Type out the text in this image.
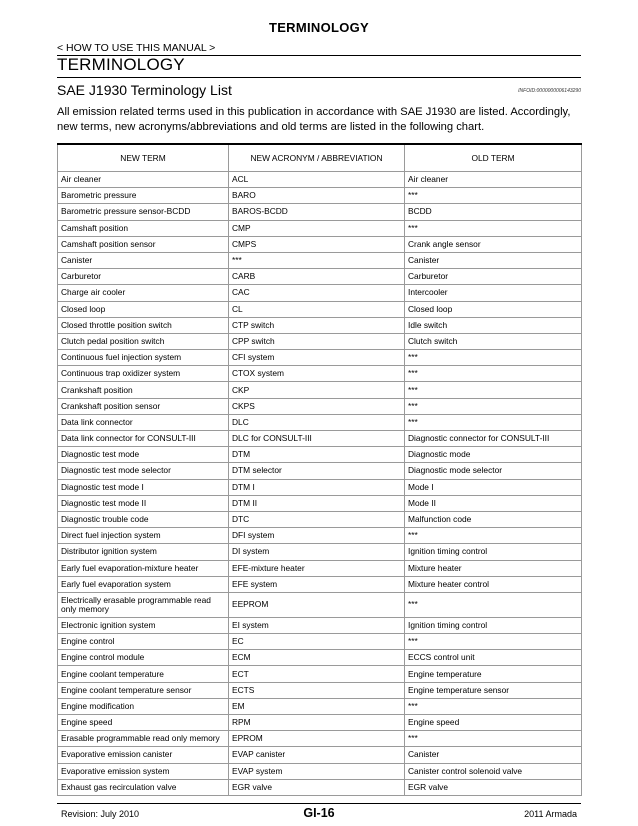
TERMINOLOGY
< HOW TO USE THIS MANUAL >
TERMINOLOGY
SAE J1930 Terminology List	INFOID:0000000006143290
All emission related terms used in this publication in accordance with SAE J1930 are listed. Accordingly, new terms, new acronyms/abbreviations and old terms are listed in the following chart.
NEW TERM	NEW ACRONYM / ABBREVIATION	OLD TERM
Air cleaner	ACL	Air cleaner
Barometric pressure	BARO	***
Barometric pressure sensor-BCDD	BAROS-BCDD	BCDD
Camshaft position	CMP	***
Camshaft position sensor	CMPS	Crank angle sensor
Canister	***	Canister
Carburetor	CARB	Carburetor
Charge air cooler	CAC	Intercooler
Closed loop	CL	Closed loop
Closed throttle position switch	CTP switch	Idle switch
Clutch pedal position switch	CPP switch	Clutch switch
Continuous fuel injection system	CFI system	***
Continuous trap oxidizer system	CTOX system	***
Crankshaft position	CKP	***
Crankshaft position sensor	CKPS	***
Data link connector	DLC	***
Data link connector for CONSULT-III	DLC for CONSULT-III	Diagnostic connector for CONSULT-III
Diagnostic test mode	DTM	Diagnostic mode
Diagnostic test mode selector	DTM selector	Diagnostic mode selector
Diagnostic test mode I	DTM I	Mode I
Diagnostic test mode II	DTM II	Mode II
Diagnostic trouble code	DTC	Malfunction code
Direct fuel injection system	DFI system	***
Distributor ignition system	DI system	Ignition timing control
Early fuel evaporation-mixture heater	EFE-mixture heater	Mixture heater
Early fuel evaporation system	EFE system	Mixture heater control
Electrically erasable programmable read only memory	EEPROM	***
Electronic ignition system	EI system	Ignition timing control
Engine control	EC	***
Engine control module	ECM	ECCS control unit
Engine coolant temperature	ECT	Engine temperature
Engine coolant temperature sensor	ECTS	Engine temperature sensor
Engine modification	EM	***
Engine speed	RPM	Engine speed
Erasable programmable read only memory	EPROM	***
Evaporative emission canister	EVAP canister	Canister
Evaporative emission system	EVAP system	Canister control solenoid valve
Exhaust gas recirculation valve	EGR valve	EGR valve
Revision: July 2010	GI-16	2011 Armada
